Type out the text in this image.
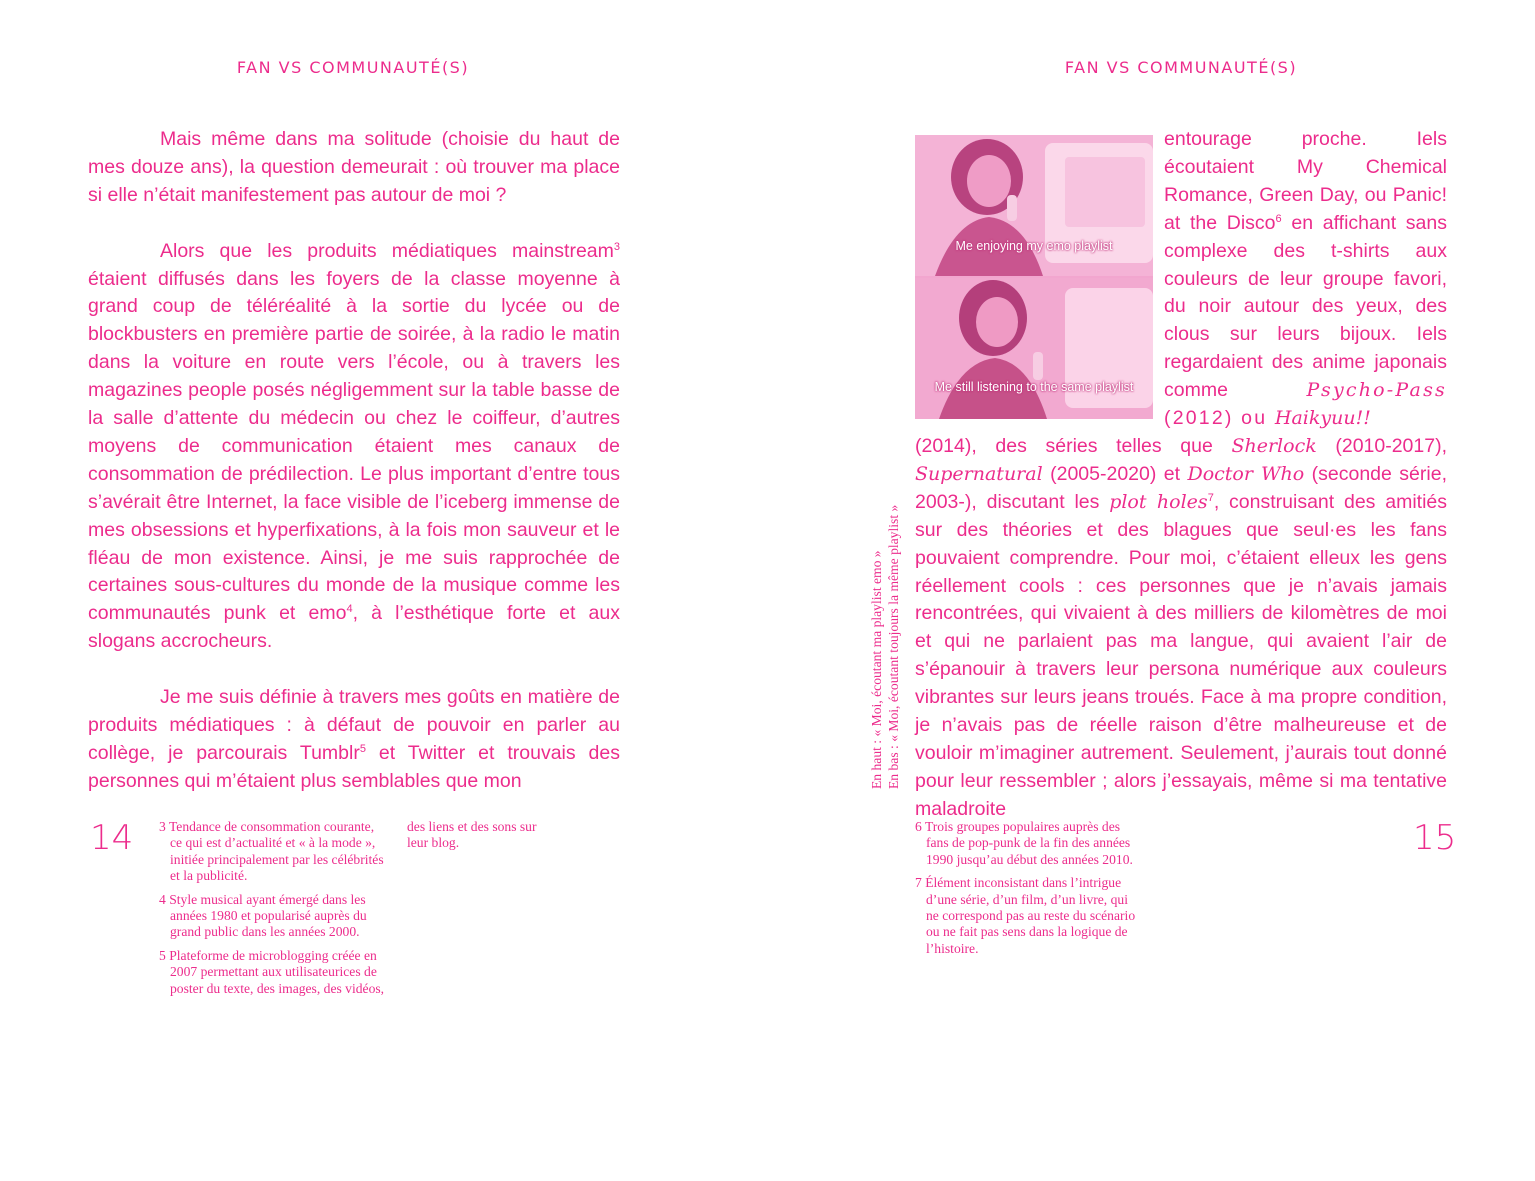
FAN VS COMMUNAUTÉ(S)

Mais même dans ma solitude (choisie du haut de mes douze ans), la question demeurait : où trouver ma place si elle n’était manifestement pas autour de moi ?

Alors que les produits médiatiques mainstream$^3$ étaient diffusés dans les foyers de la classe moyenne à grand coup de téléréalité à la sortie du lycée ou de blockbusters en première partie de soirée, à la radio le matin dans la voiture en route vers l’école, ou à travers les magazines people posés négligemment sur la table basse de la salle d’attente du médecin ou chez le coiffeur, d’autres moyens de communication étaient mes canaux de consommation de prédilection. Le plus important d’entre tous s’avérait être Internet, la face visible de l’iceberg immense de mes obsessions et hyperfixations, à la fois mon sauveur et le fléau de mon existence. Ainsi, je me suis rapprochée de certaines sous-cultures du monde de la musique comme les communautés punk et emo$^4$, à l’esthétique forte et aux slogans accrocheurs.

Je me suis définie à travers mes goûts en matière de produits médiatiques : à défaut de pouvoir en parler au collège, je parcourais Tumblr$^5$ et Twitter et trouvais des personnes qui m’étaient plus semblables que mon

14 3 Tendance de consommation courante, ce qui est d’actualité et « à la mode », initiée principalement par les célébrités et la publicité.

4 Style musical ayant émergé dans les années 1980 et popularisé auprès du grand public dans les années 2000.

5 Plateforme de microblogging créée en 2007 permettant aux utilisateurices de poster du texte, des images, des vidéos,

des liens et des sons sur leur blog.

FAN VS COMMUNAUTÉ(S)
En haut : « Moi, écoutant ma playlist emo » En bas : « Moi, écoutant toujours la même playlist »
Me enjoying my emo playlist
Me still listening to the same playlist

entourage proche. Iels écoutaient My Chemical Romance, Green Day, ou Panic! at the Disco$^6$ en affichant sans complexe des t-shirts aux couleurs de leur groupe favori, du noir autour des yeux, des clous sur leurs bijoux. Iels regardaient des anime japonais comme Psycho-Pass (2012) ou Haikyuu!!

(2014), des séries telles que Sherlock (2010-2017), Supernatural (2005-2020) et Doctor Who (seconde série, 2003-), discutant les plot holes$^7$, construisant des amitiés sur des théories et des blagues que seul·es les fans pouvaient comprendre. Pour moi, c’étaient elleux les gens réellement cools : ces personnes que je n’avais jamais rencontrées, qui vivaient à des milliers de kilomètres de moi et qui ne parlaient pas ma langue, qui avaient l’air de s’épanouir à travers leur persona numérique aux couleurs vibrantes sur leurs jeans troués. Face à ma propre condition, je n’avais pas de réelle raison d’être malheureuse et de vouloir m’imaginer autrement. Seulement, j’aurais tout donné pour leur ressembler ; alors j’essayais, même si ma tentative maladroite

15

6 Trois groupes populaires auprès des fans de pop-punk de la fin des années 1990 jusqu’au début des années 2010.

7 Élément inconsistant dans l’intrigue d’une série, d’un film, d’un livre, qui ne correspond pas au reste du scénario ou ne fait pas sens dans la logique de l’histoire.
